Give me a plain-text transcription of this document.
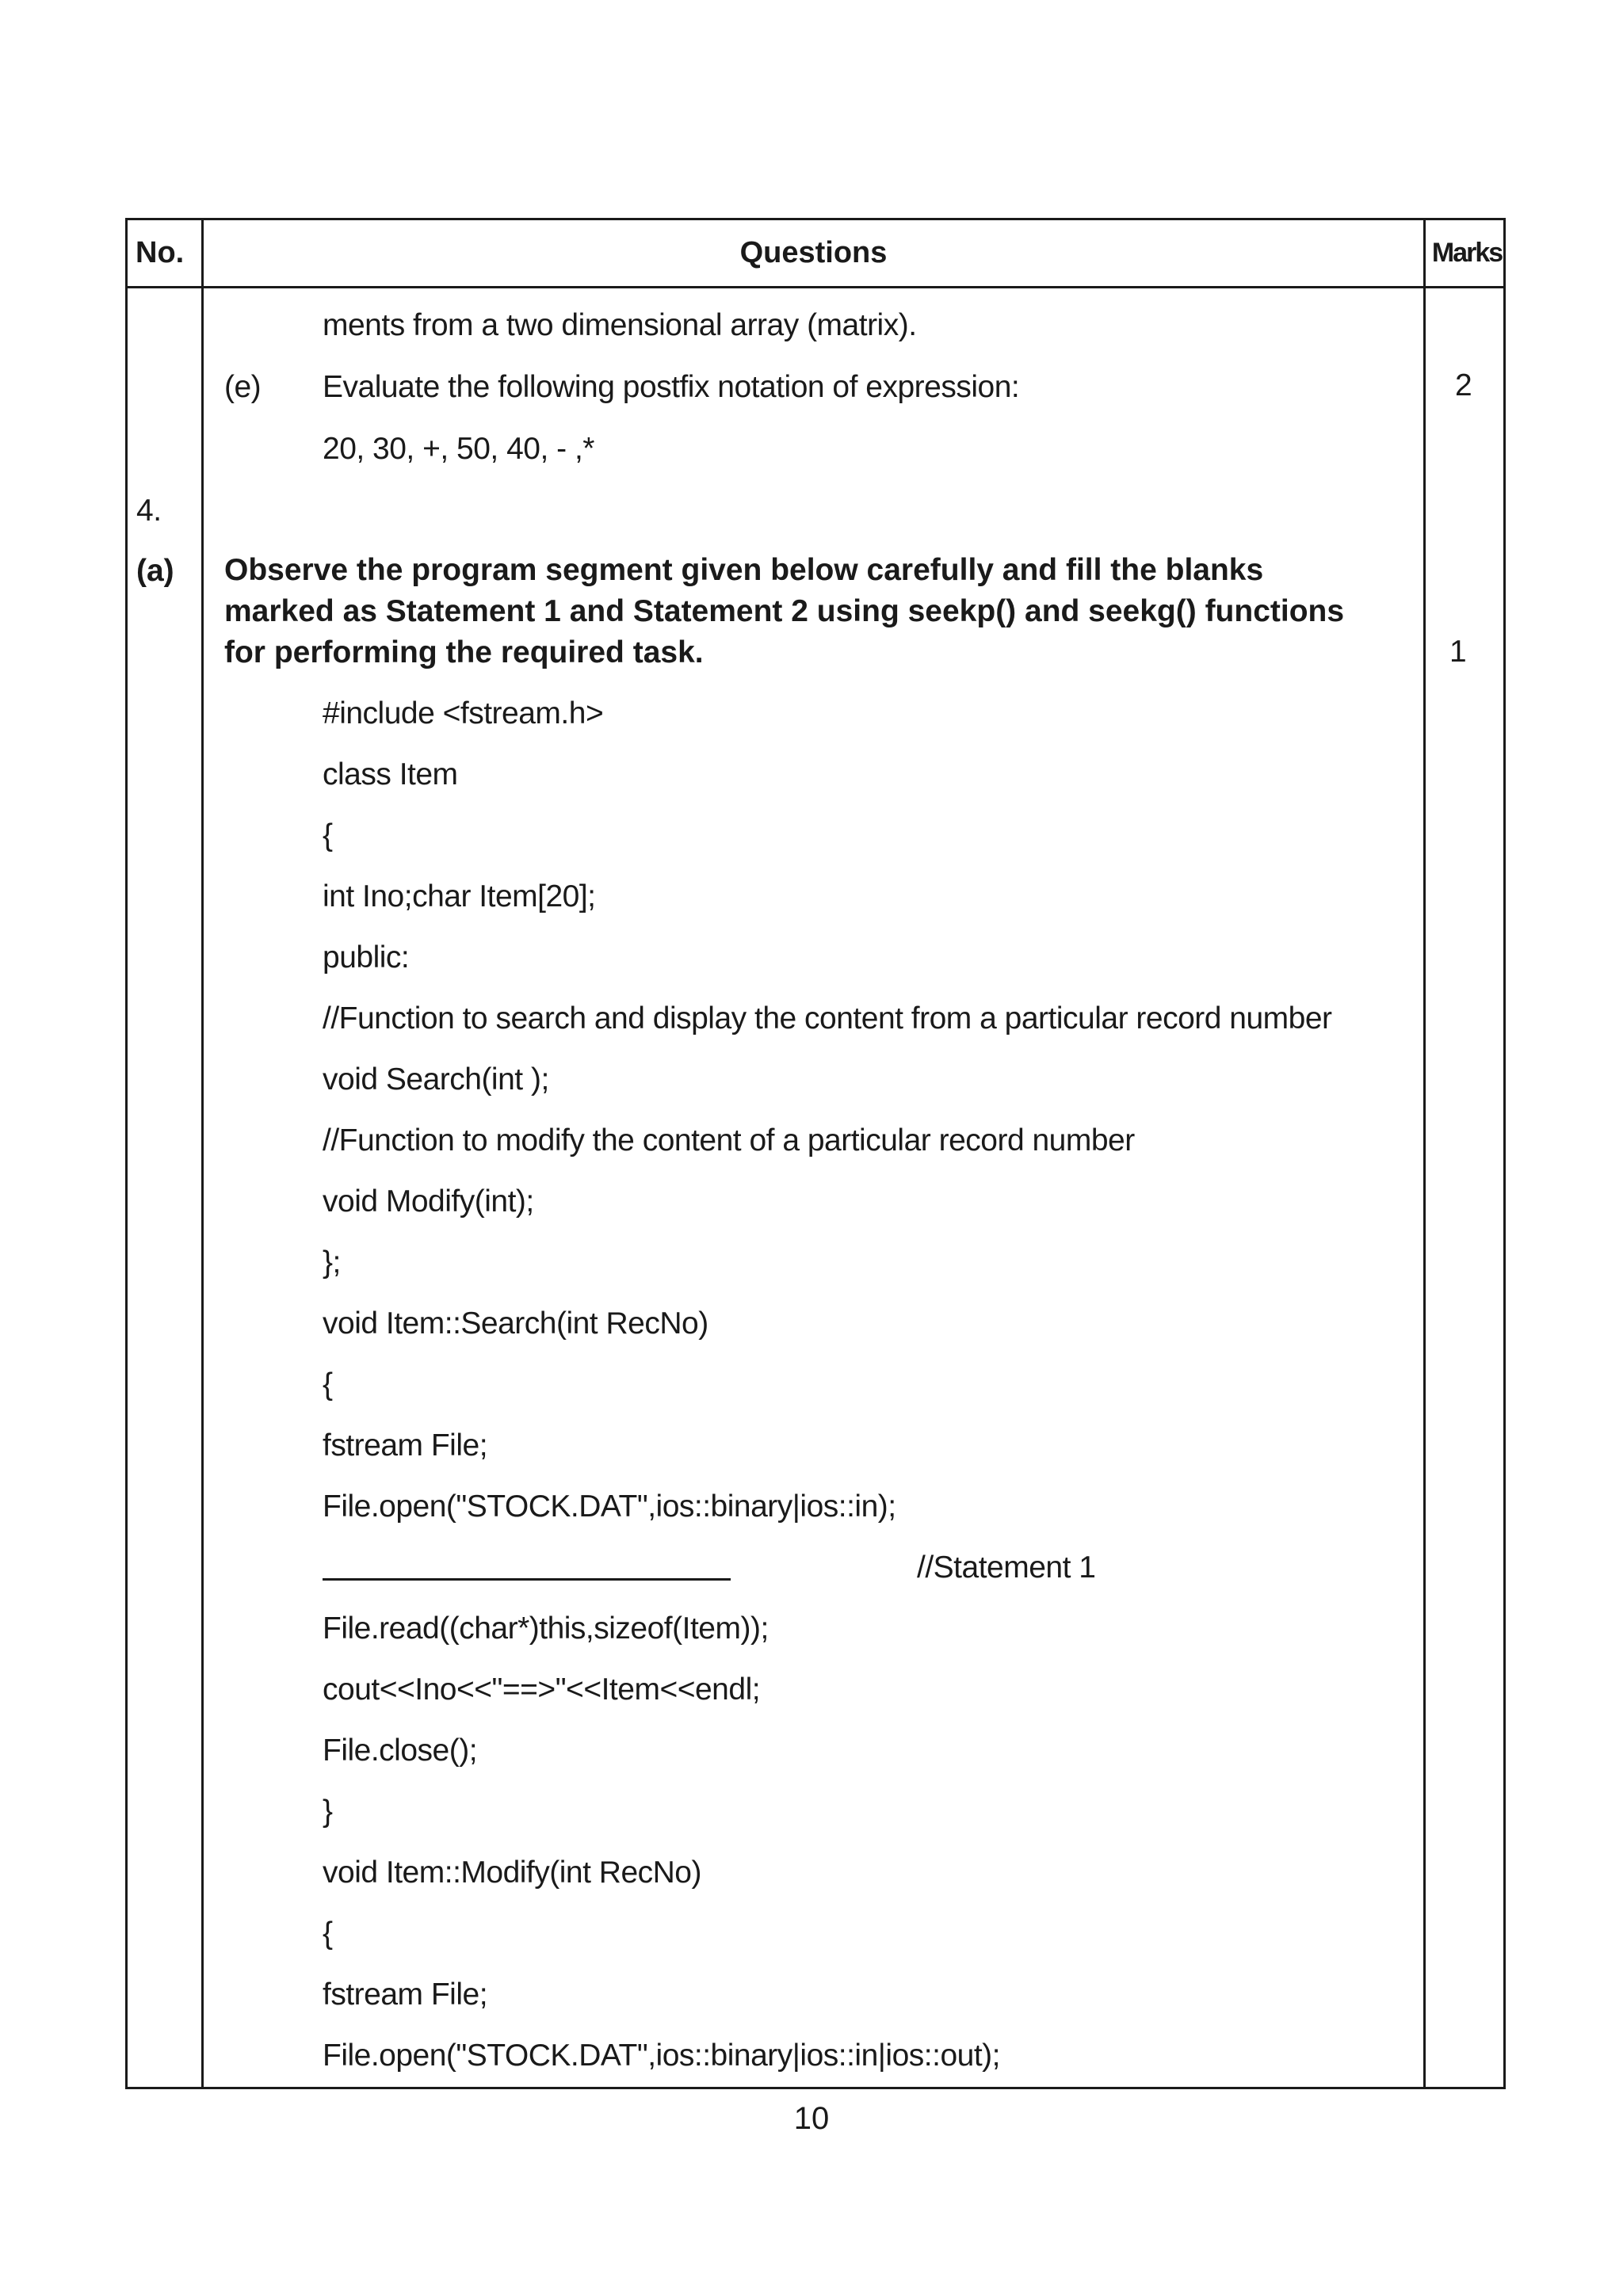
No.	Questions	Marks
ments from a two dimensional array (matrix).
(e) Evaluate the following postfix notation of expression:	2
20, 30, +, 50, 40, - ,*
4.
(a) Observe the program segment given below carefully and fill the blanks
marked as Statement 1 and Statement 2 using seekp() and seekg() functions
for performing the required task.	1
#include <fstream.h>
class Item
{
int Ino;char Item[20];
public:
//Function to search and display the content from a particular record number
void Search(int );
//Function to modify the content of a particular record number
void Modify(int);
};
void Item::Search(int RecNo)
{
fstream File;
File.open("STOCK.DAT",ios::binary|ios::in);
//Statement 1
File.read((char*)this,sizeof(Item));
cout<<Ino<<"==>"<<Item<<endl;
File.close();
}
void Item::Modify(int RecNo)
{
fstream File;
File.open("STOCK.DAT",ios::binary|ios::in|ios::out);
10
